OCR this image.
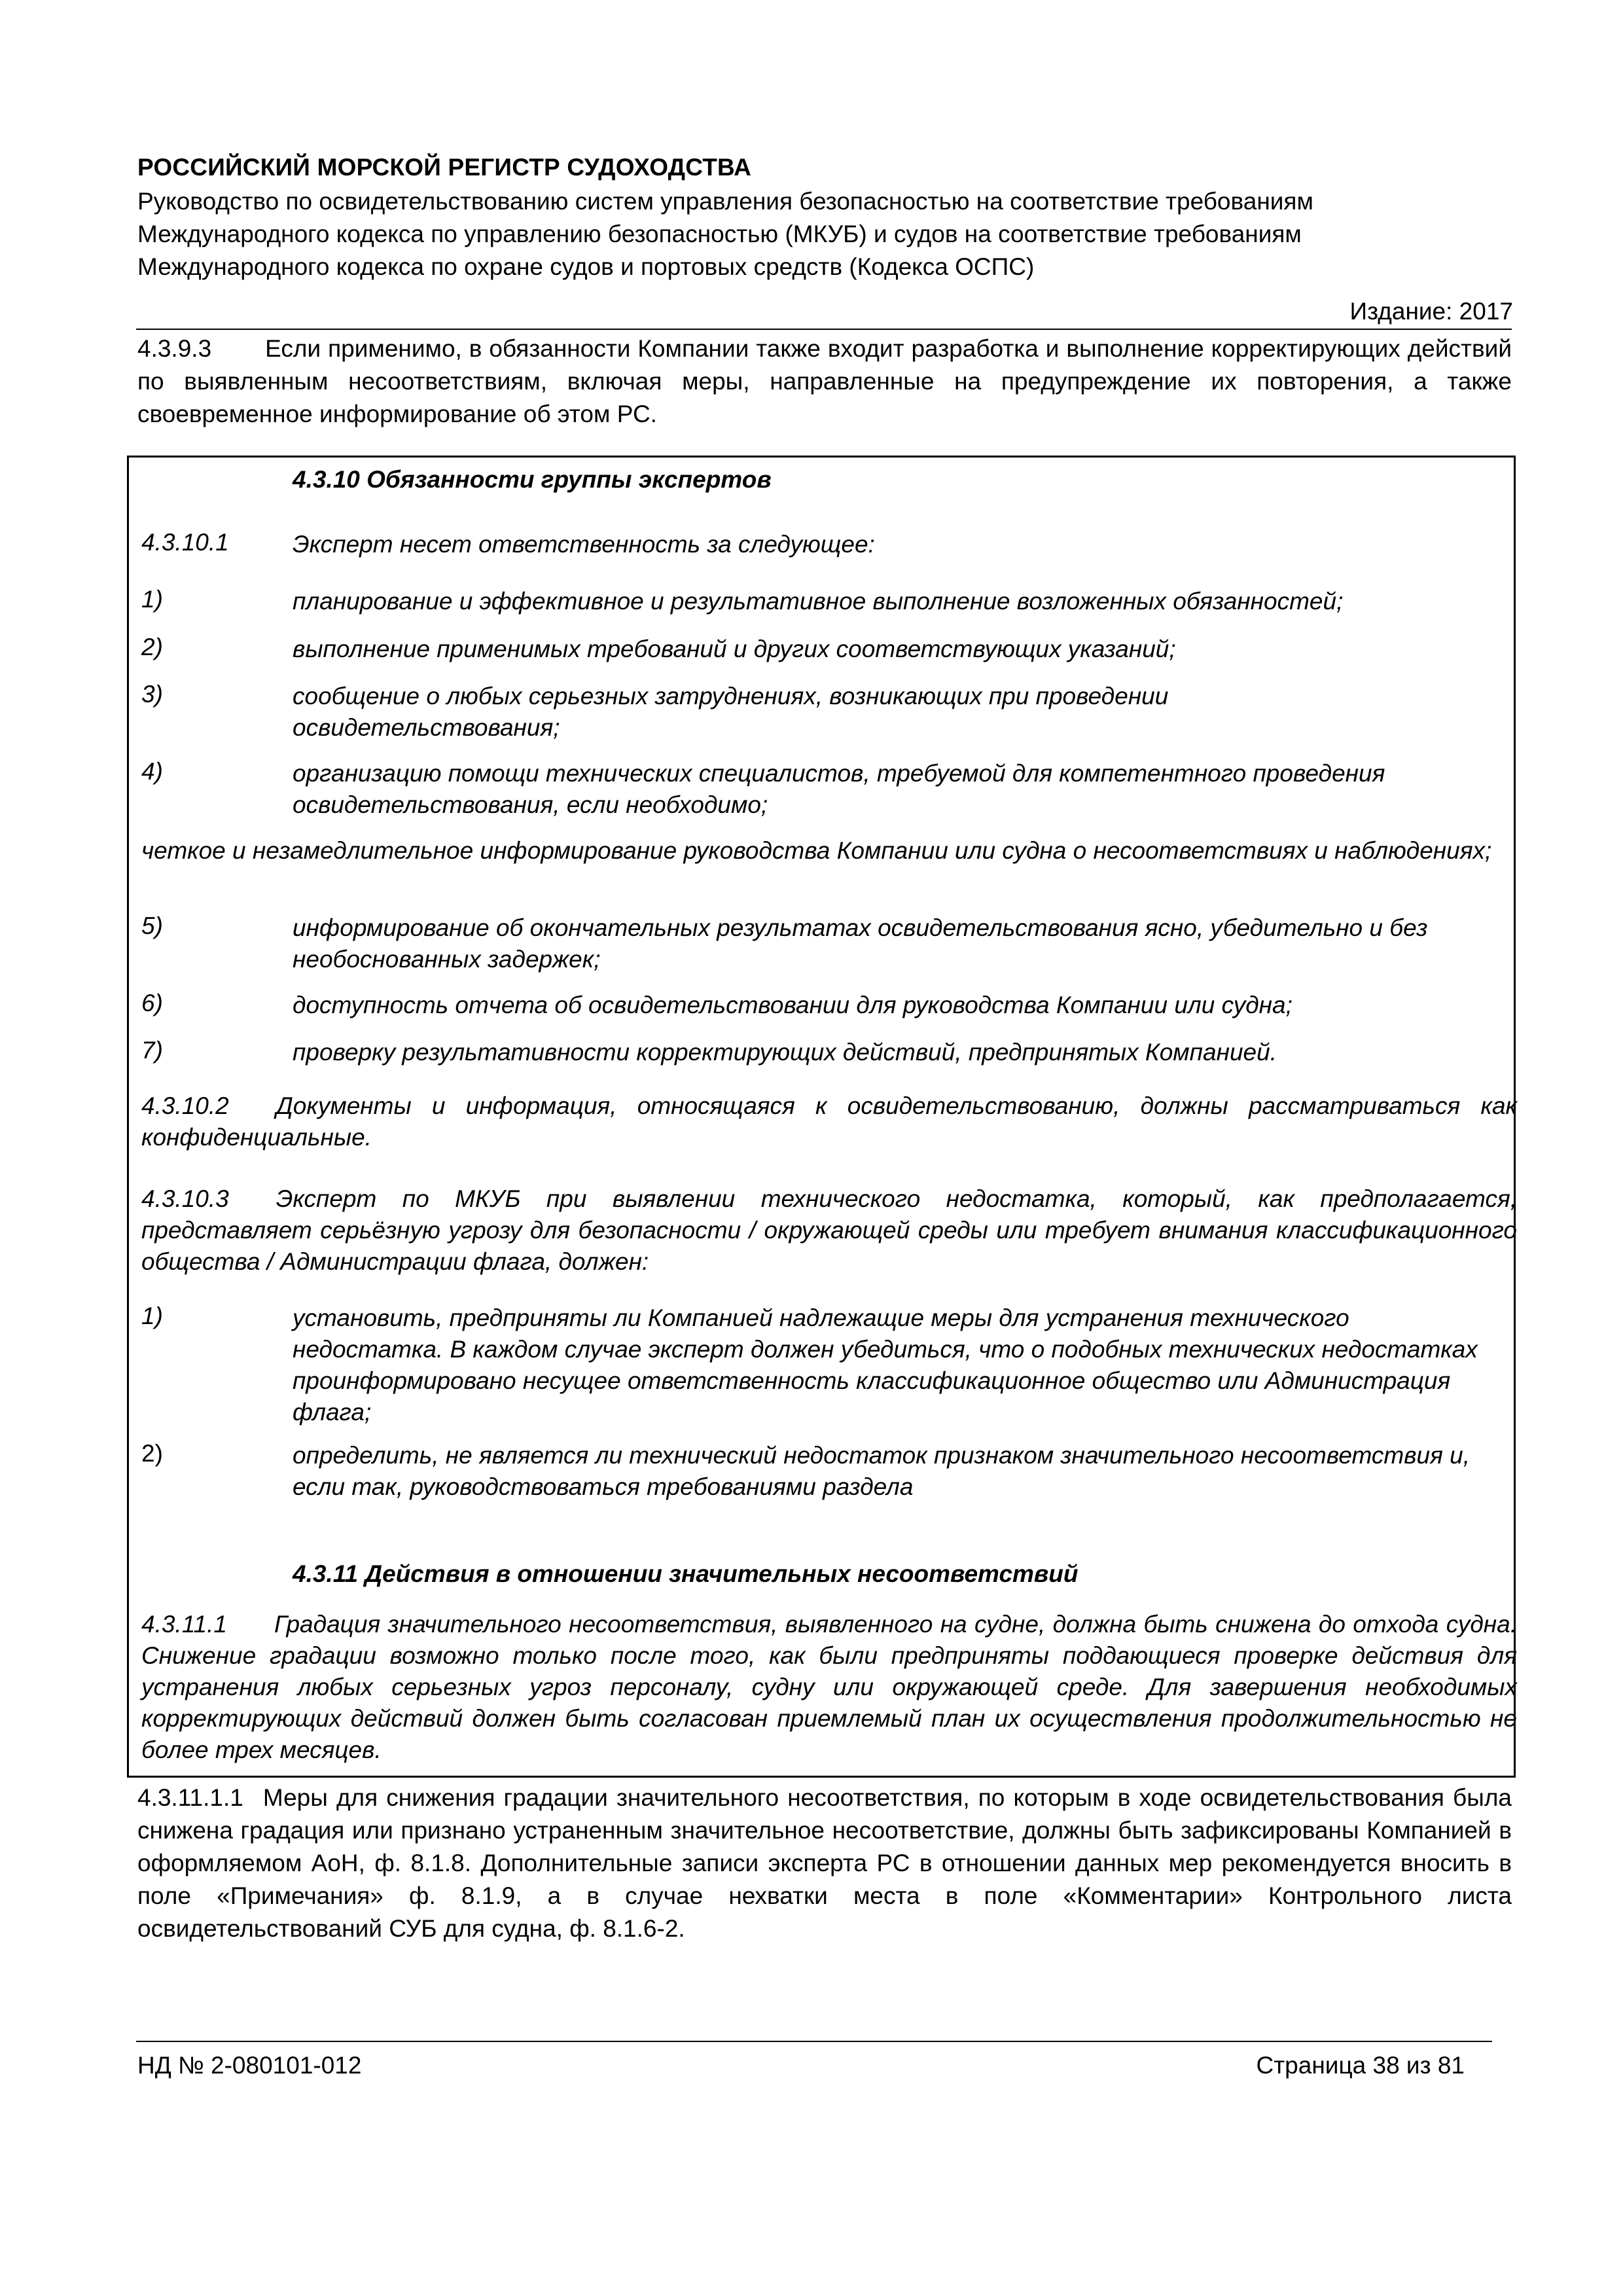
РОССИЙСКИЙ МОРСКОЙ РЕГИСТР СУДОХОДСТВА
Руководство по освидетельствованию систем управления безопасностью на соответствие требованиям
Международного кодекса по управлению безопасностью (МКУБ) и судов на соответствие требованиям
Международного кодекса по охране судов и портовых средств (Кодекса ОСПС)
Издание: 2017
4.3.9.3 Если применимо, в обязанности Компании также входит разработка и выполнение корректирующих действий по выявленным несоответствиям, включая меры, направленные на предупреждение их повторения, а также своевременное информирование об этом РС.
4.3.10 Обязанности группы экспертов
4.3.10.1	Эксперт несет ответственность за следующее:
1)	планирование и эффективное и результативное выполнение возложенных обязанностей;
2)	выполнение применимых требований и других соответствующих указаний;
3)	сообщение о любых серьезных затруднениях, возникающих при проведении освидетельствования;
4)	организацию помощи технических специалистов, требуемой для компетентного проведения освидетельствования, если необходимо;
четкое и незамедлительное информирование руководства Компании или судна о несоответствиях и наблюдениях;
5)	информирование об окончательных результатах освидетельствования ясно, убедительно и без необоснованных задержек;
6)	доступность отчета об освидетельствовании для руководства Компании или судна;
7)	проверку результативности корректирующих действий, предпринятых Компанией.
4.3.10.2 Документы и информация, относящаяся к освидетельствованию, должны рассматриваться как конфиденциальные.
4.3.10.3 Эксперт по МКУБ при выявлении технического недостатка, который, как предполагается, представляет серьёзную угрозу для безопасности / окружающей среды или требует внимания классификационного общества / Администрации флага, должен:
1)	установить, предприняты ли Компанией надлежащие меры для устранения технического недостатка. В каждом случае эксперт должен убедиться, что о подобных технических недостатках проинформировано несущее ответственность классификационное общество или Администрация флага;
2)	определить, не является ли технический недостаток признаком значительного несоответствия и, если так, руководствоваться требованиями раздела
4.3.11 Действия в отношении значительных несоответствий
4.3.11.1 Градация значительного несоответствия, выявленного на судне, должна быть снижена до отхода судна. Снижение градации возможно только после того, как были предприняты поддающиеся проверке действия для устранения любых серьезных угроз персоналу, судну или окружающей среде. Для завершения необходимых корректирующих действий должен быть согласован приемлемый план их осуществления продолжительностью не более трех месяцев.
4.3.11.1.1 Меры для снижения градации значительного несоответствия, по которым в ходе освидетельствования была снижена градация или признано устраненным значительное несоответствие, должны быть зафиксированы Компанией в оформляемом АоН, ф. 8.1.8. Дополнительные записи эксперта РС в отношении данных мер рекомендуется вносить в поле «Примечания» ф. 8.1.9, а в случае нехватки места в поле «Комментарии» Контрольного листа освидетельствований СУБ для судна, ф. 8.1.6-2.
НД № 2-080101-012	Страница 38 из 81
